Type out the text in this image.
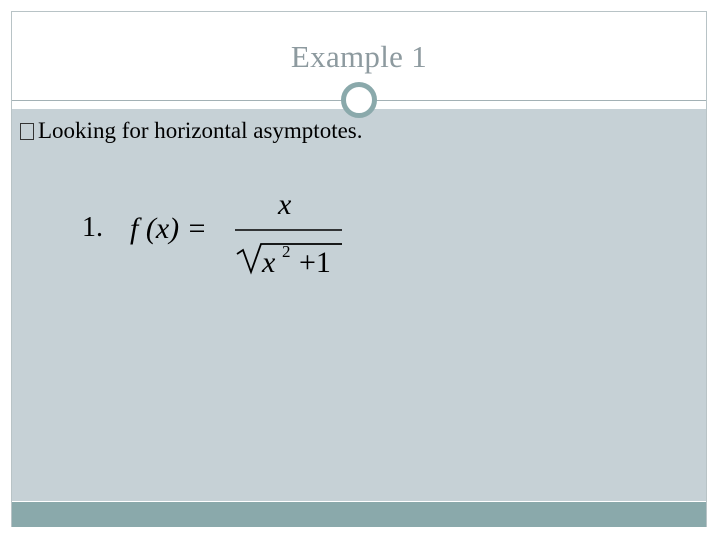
Example 1
Looking for horizontal asymptotes.
1. f (x) =
x
x 2 +1
